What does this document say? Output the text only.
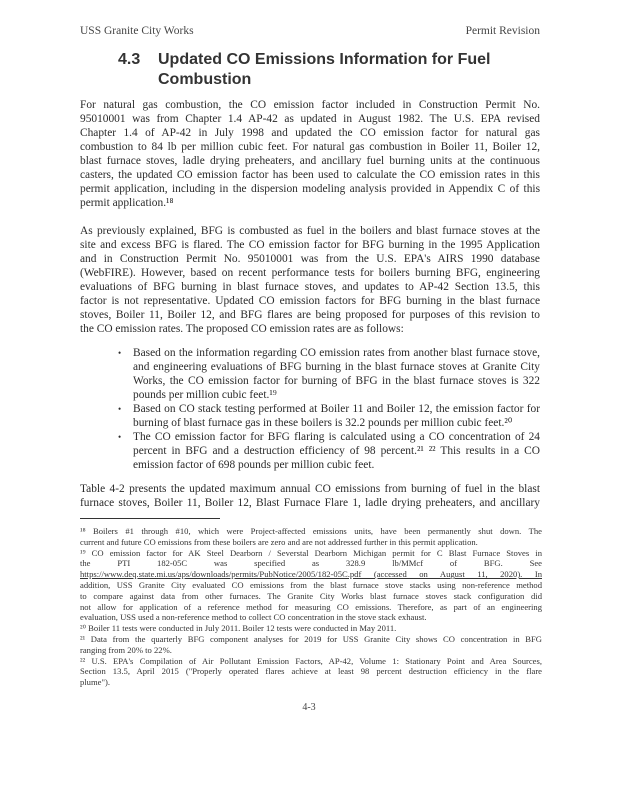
USS Granite City Works	Permit Revision
4.3 Updated CO Emissions Information for Fuel Combustion
For natural gas combustion, the CO emission factor included in Construction Permit No.
95010001 was from Chapter 1.4 AP-42 as updated in August 1982. The U.S. EPA revised
Chapter 1.4 of AP-42 in July 1998 and updated the CO emission factor for natural gas
combustion to 84 lb per million cubic feet. For natural gas combustion in Boiler 11, Boiler 12,
blast furnace stoves, ladle drying preheaters, and ancillary fuel burning units at the continuous
casters, the updated CO emission factor has been used to calculate the CO emission rates in this
permit application, including in the dispersion modeling analysis provided in Appendix C of this
permit application.¹⁸
As previously explained, BFG is combusted as fuel in the boilers and blast furnace stoves at the
site and excess BFG is flared. The CO emission factor for BFG burning in the 1995 Application
and in Construction Permit No. 95010001 was from the U.S. EPA's AIRS 1990 database
(WebFIRE). However, based on recent performance tests for boilers burning BFG, engineering
evaluations of BFG burning in blast furnace stoves, and updates to AP-42 Section 13.5, this
factor is not representative. Updated CO emission factors for BFG burning in the blast furnace
stoves, Boiler 11, Boiler 12, and BFG flares are being proposed for purposes of this revision to
the CO emission rates. The proposed CO emission rates are as follows:
• Based on the information regarding CO emission rates from another blast furnace stove,
and engineering evaluations of BFG burning in the blast furnace stoves at Granite City
Works, the CO emission factor for burning of BFG in the blast furnace stoves is 322
pounds per million cubic feet.¹⁹
• Based on CO stack testing performed at Boiler 11 and Boiler 12, the emission factor for
burning of blast furnace gas in these boilers is 32.2 pounds per million cubic feet.²⁰
• The CO emission factor for BFG flaring is calculated using a CO concentration of 24
percent in BFG and a destruction efficiency of 98 percent.²¹ ²² This results in a CO
emission factor of 698 pounds per million cubic feet.
Table 4-2 presents the updated maximum annual CO emissions from burning of fuel in the blast
furnace stoves, Boiler 11, Boiler 12, Blast Furnace Flare 1, ladle drying preheaters, and ancillary
¹⁸ Boilers #1 through #10, which were Project-affected emissions units, have been permanently shut down. The
current and future CO emissions from these boilers are zero and are not addressed further in this permit application.
¹⁹ CO emission factor for AK Steel Dearborn / Severstal Dearborn Michigan permit for C Blast Furnace Stoves in
the PTI 182-05C was specified as 328.9 lb/MMcf of BFG. See
https://www.deq.state.mi.us/aps/downloads/permits/PubNotice/2005/182-05C.pdf (accessed on August 11, 2020). In
addition, USS Granite City evaluated CO emissions from the blast furnace stove stacks using non-reference method
to compare against data from other furnaces. The Granite City Works blast furnace stoves stack configuration did
not allow for application of a reference method for measuring CO emissions. Therefore, as part of an engineering
evaluation, USS used a non-reference method to collect CO concentration in the stove stack exhaust.
²⁰ Boiler 11 tests were conducted in July 2011. Boiler 12 tests were conducted in May 2011.
²¹ Data from the quarterly BFG component analyses for 2019 for USS Granite City shows CO concentration in BFG
ranging from 20% to 22%.
²² U.S. EPA's Compilation of Air Pollutant Emission Factors, AP-42, Volume 1: Stationary Point and Area Sources,
Section 13.5, April 2015 ("Properly operated flares achieve at least 98 percent destruction efficiency in the flare
plume").
4-3
